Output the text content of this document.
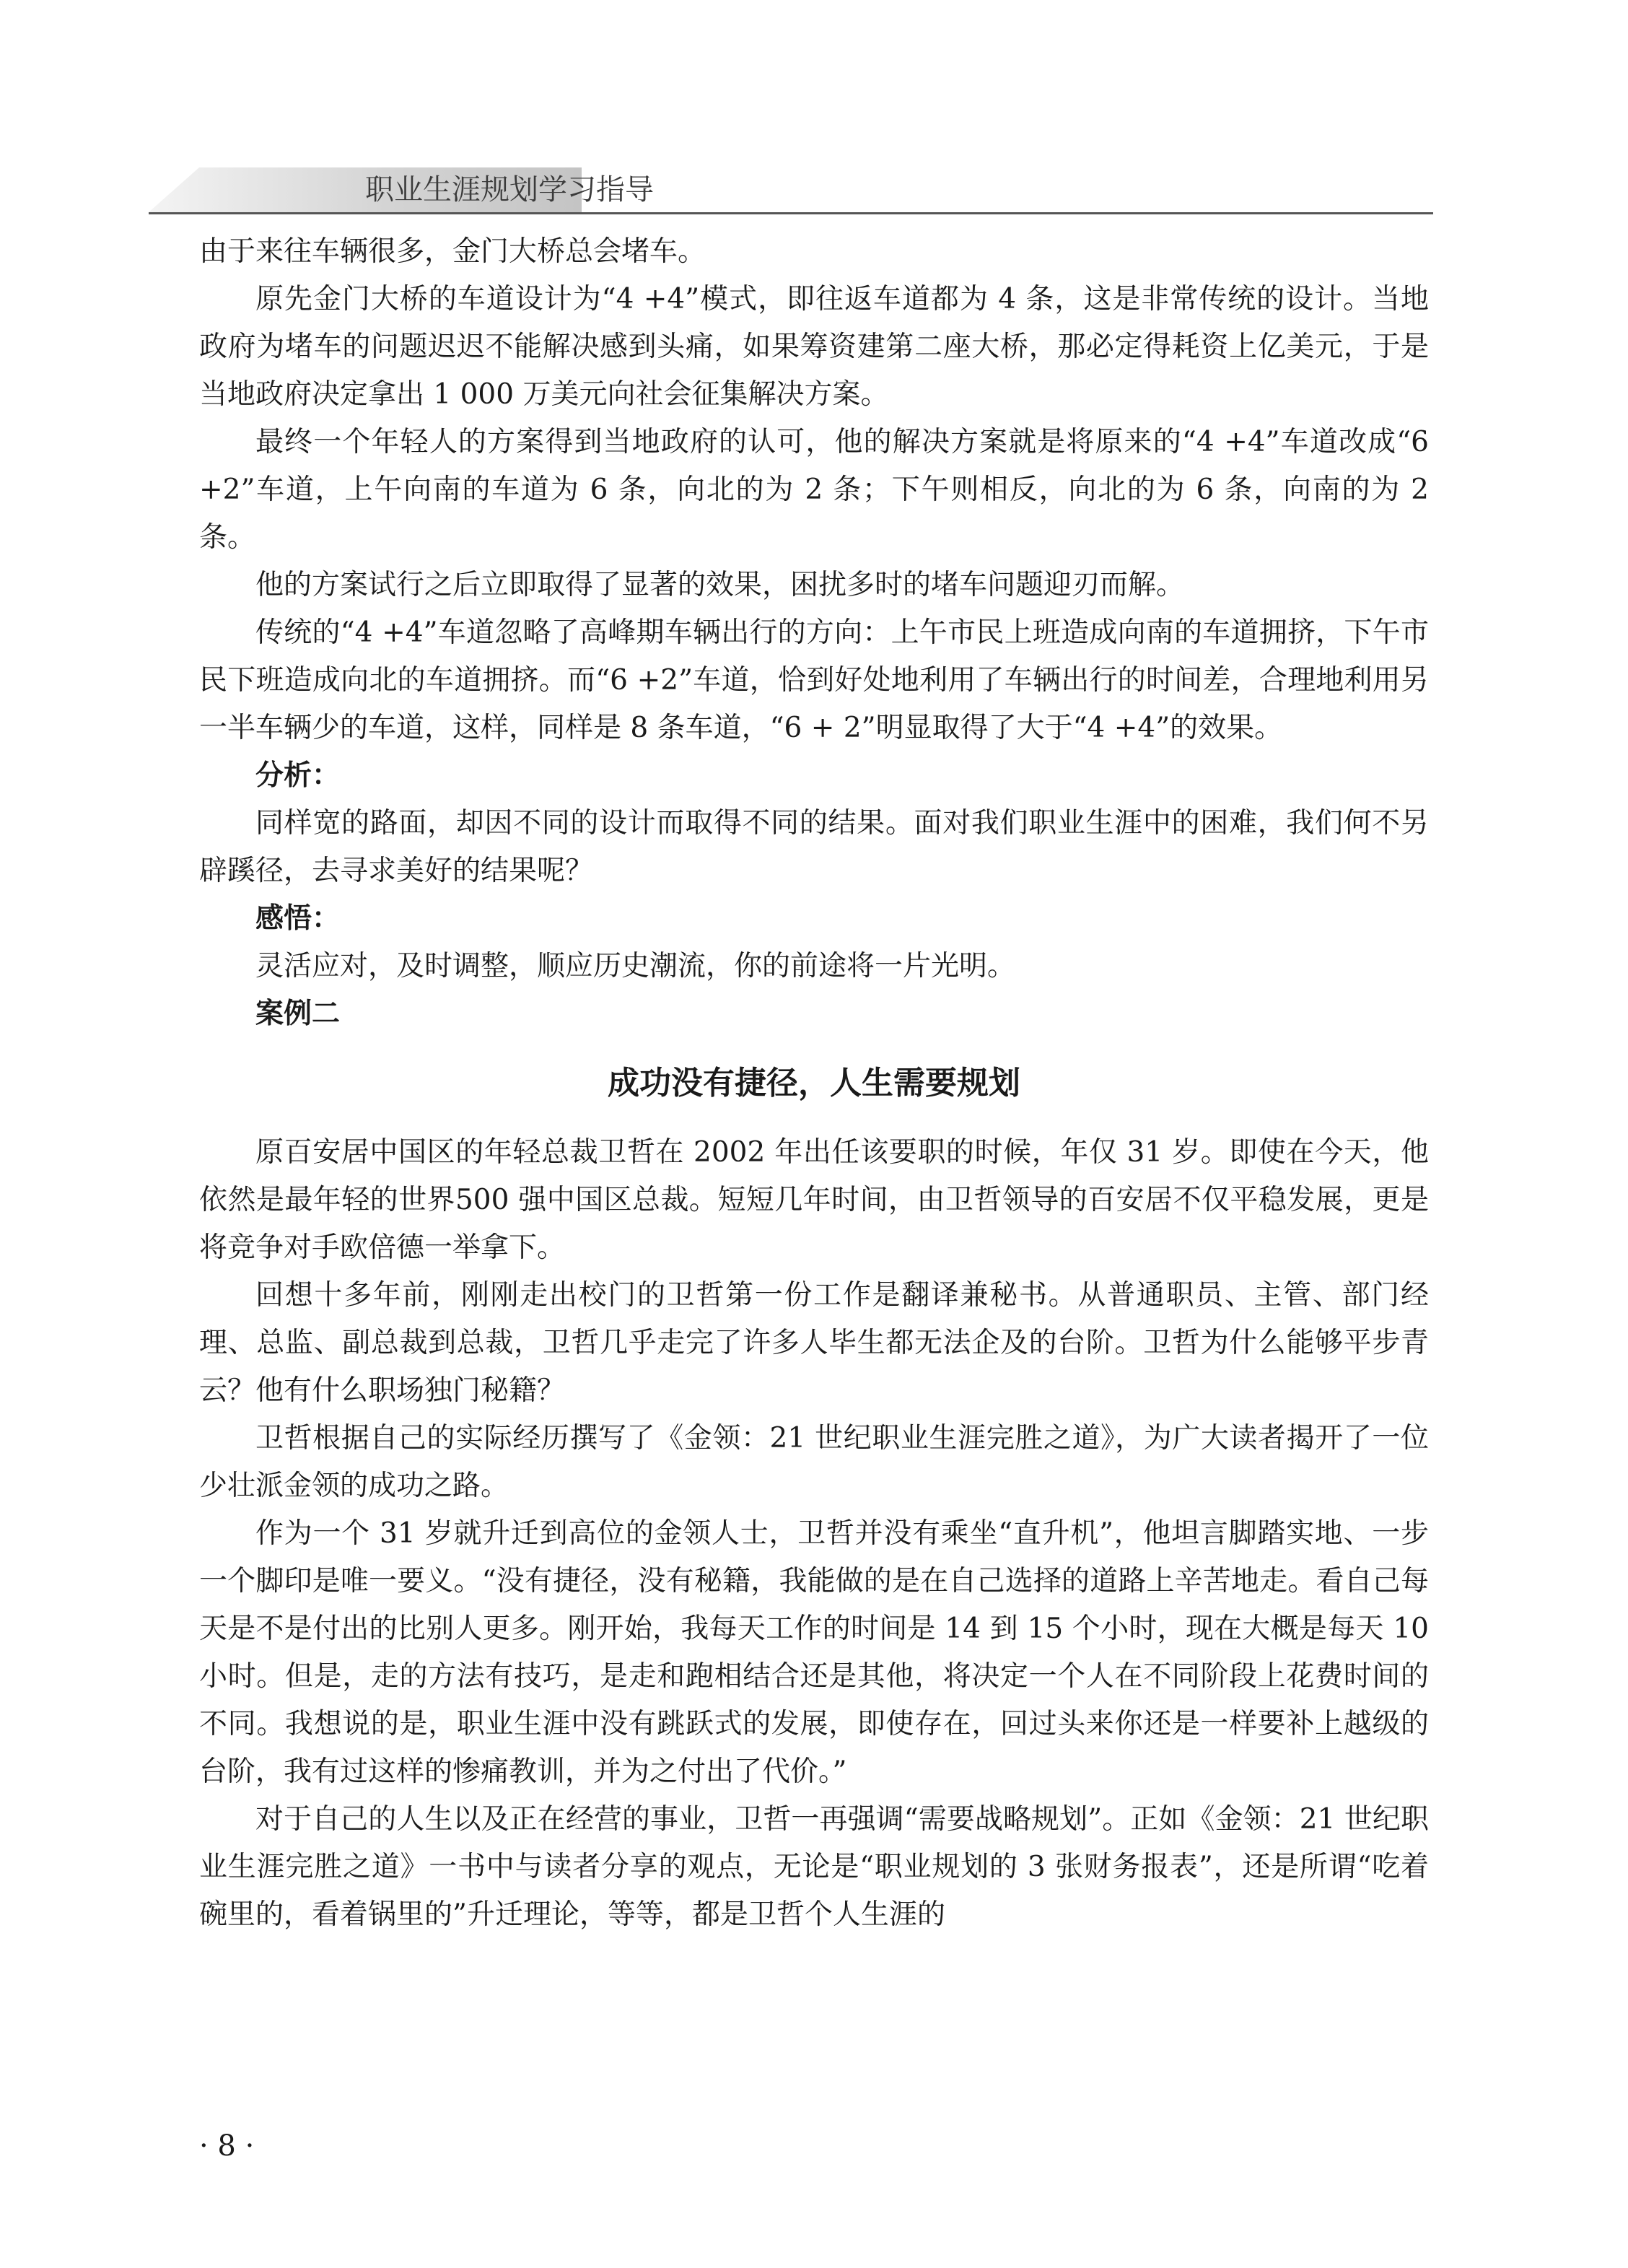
职业生涯规划学习指导

由于来往车辆很多，金门大桥总会堵车。

原先金门大桥的车道设计为“4 +4”模式，即往返车道都为 4 条，这是非常传统的设计。当地政府为堵车的问题迟迟不能解决感到头痛，如果筹资建第二座大桥，那必定得耗资上亿美元，于是当地政府决定拿出 1 000 万美元向社会征集解决方案。

最终一个年轻人的方案得到当地政府的认可，他的解决方案就是将原来的“4 +4”车道改成“6 +2”车道，上午向南的车道为 6 条，向北的为 2 条；下午则相反，向北的为 6 条，向南的为 2 条。

他的方案试行之后立即取得了显著的效果，困扰多时的堵车问题迎刃而解。

传统的“4 +4”车道忽略了高峰期车辆出行的方向：上午市民上班造成向南的车道拥挤，下午市民下班造成向北的车道拥挤。而“6 +2”车道，恰到好处地利用了车辆出行的时间差，合理地利用另一半车辆少的车道，这样，同样是 8 条车道，“6 + 2”明显取得了大于“4 +4”的效果。

分析：

同样宽的路面，却因不同的设计而取得不同的结果。面对我们职业生涯中的困难，我们何不另辟蹊径，去寻求美好的结果呢？

感悟：

灵活应对，及时调整，顺应历史潮流，你的前途将一片光明。

案例二

成功没有捷径，人生需要规划

原百安居中国区的年轻总裁卫哲在 2002 年出任该要职的时候，年仅 31 岁。即使在今天，他依然是最年轻的世界500 强中国区总裁。短短几年时间，由卫哲领导的百安居不仅平稳发展，更是将竞争对手欧倍德一举拿下。

回想十多年前，刚刚走出校门的卫哲第一份工作是翻译兼秘书。从普通职员、主管、部门经理、总监、副总裁到总裁，卫哲几乎走完了许多人毕生都无法企及的台阶。卫哲为什么能够平步青云？他有什么职场独门秘籍？

卫哲根据自己的实际经历撰写了《金领：21 世纪职业生涯完胜之道》，为广大读者揭开了一位少壮派金领的成功之路。

作为一个 31 岁就升迁到高位的金领人士，卫哲并没有乘坐“直升机”，他坦言脚踏实地、一步一个脚印是唯一要义。“没有捷径，没有秘籍，我能做的是在自己选择的道路上辛苦地走。看自己每天是不是付出的比别人更多。刚开始，我每天工作的时间是 14 到 15 个小时，现在大概是每天 10 小时。但是，走的方法有技巧，是走和跑相结合还是其他，将决定一个人在不同阶段上花费时间的不同。我想说的是，职业生涯中没有跳跃式的发展，即使存在，回过头来你还是一样要补上越级的台阶，我有过这样的惨痛教训，并为之付出了代价。”

对于自己的人生以及正在经营的事业，卫哲一再强调“需要战略规划”。正如《金领：21 世纪职业生涯完胜之道》一书中与读者分享的观点，无论是“职业规划的 3 张财务报表”，还是所谓“吃着碗里的，看着锅里的”升迁理论，等等，都是卫哲个人生涯的

· 8 ·
